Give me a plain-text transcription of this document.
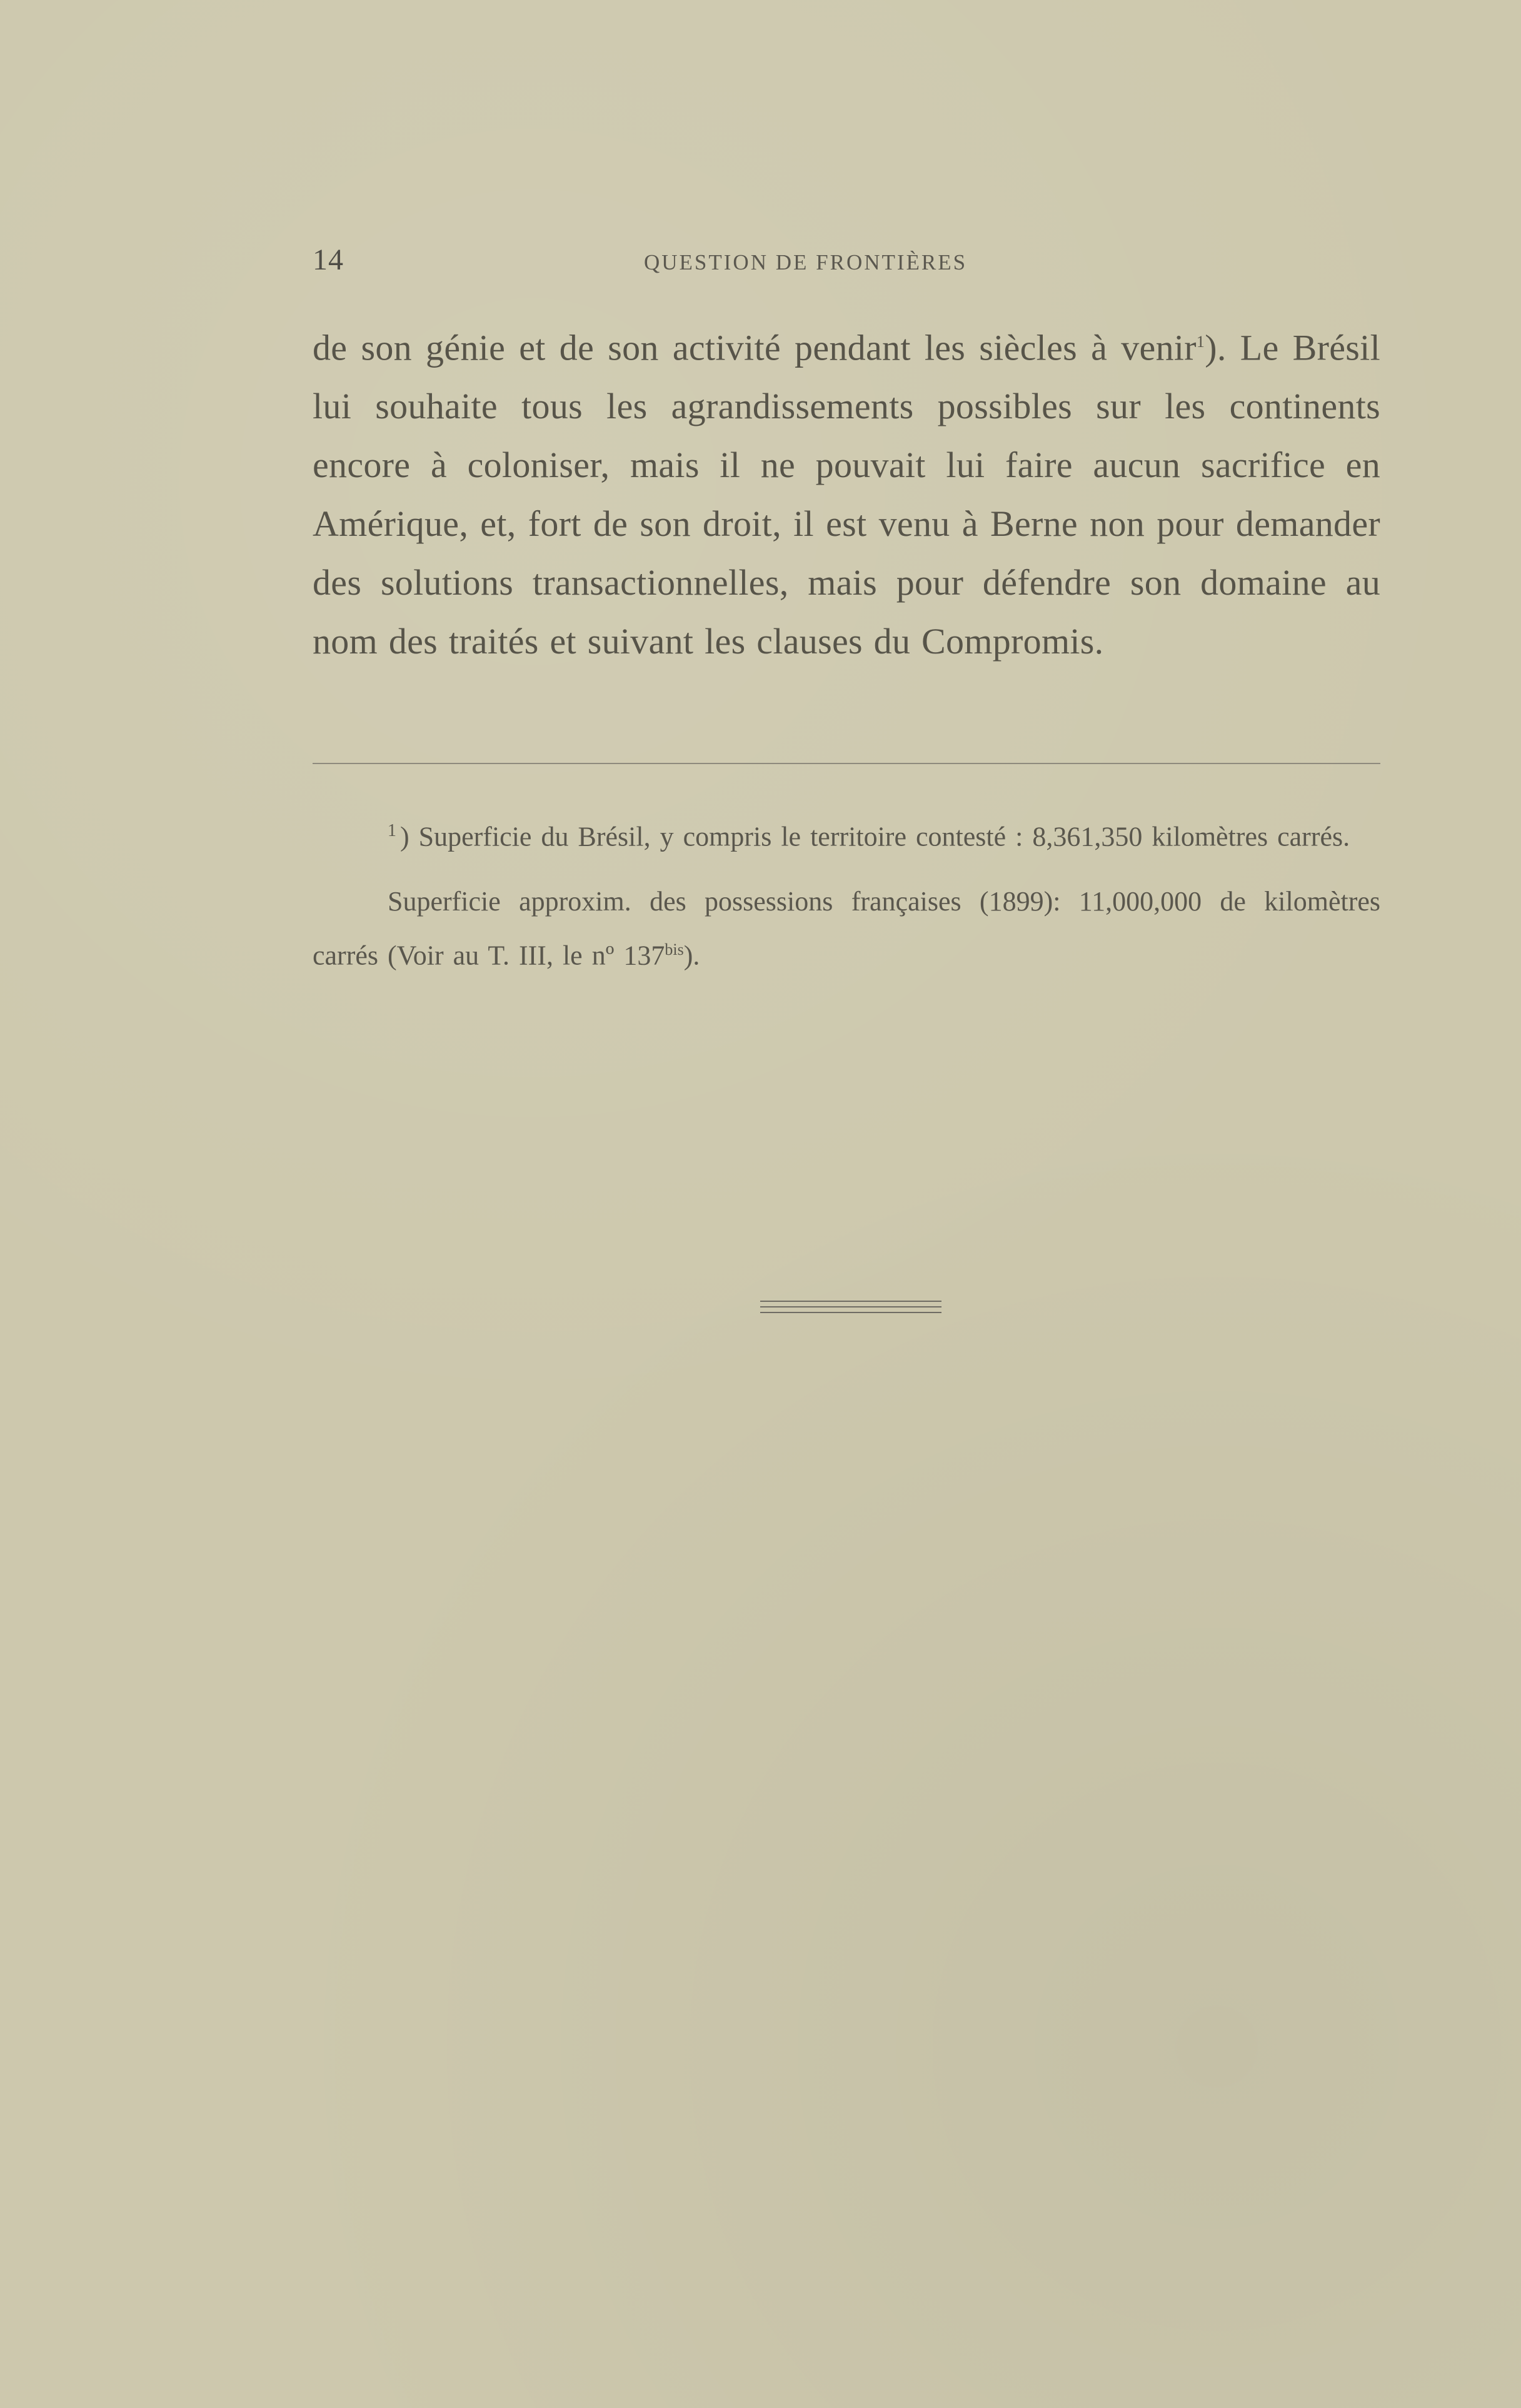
14	QUESTION DE FRONTIÈRES

de son génie et de son activité pendant les siècles à venir$^1$). Le Brésil lui souhaite tous les agrandissements possibles sur les continents encore à coloniser, mais il ne pouvait lui faire aucun sacrifice en Amérique, et, fort de son droit, il est venu à Berne non pour demander des solutions transactionnelles, mais pour défendre son domaine au nom des traités et suivant les clauses du Compromis.

$^1$ ) Superficie du Brésil, y compris le territoire contesté : 8,361,350 kilomètres carrés.

Superficie approxim. des possessions françaises (1899): 11,000,000 de kilomètres carrés (Voir au T. III, le nº 137$^{bis}$).
